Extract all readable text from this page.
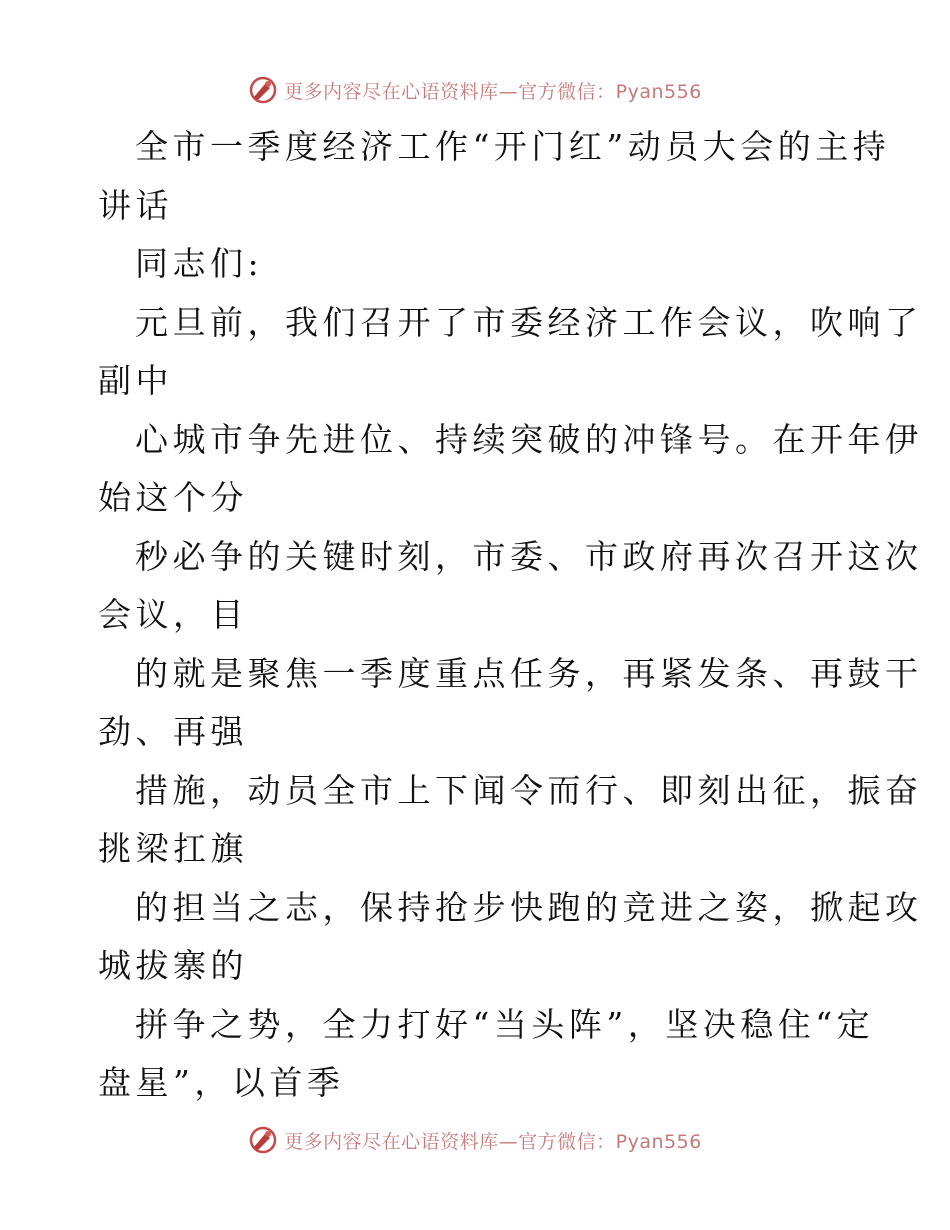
更多内容尽在心语资料库—官方微信：Pyan556
全市一季度经济工作“开门红”动员大会的主持
讲话
同志们:
元旦前，我们召开了市委经济工作会议，吹响了
副中
心城市争先进位、持续突破的冲锋号。在开年伊
始这个分
秒必争的关键时刻，市委、市政府再次召开这次
会议，目
的就是聚焦一季度重点任务，再紧发条、再鼓干
劲、再强
措施，动员全市上下闻令而行、即刻出征，振奋
挑梁扛旗
的担当之志，保持抢步快跑的竞进之姿，掀起攻
城拔寨的
拼争之势，全力打好“当头阵”，坚决稳住“定
盘星”，以首季
更多内容尽在心语资料库—官方微信：Pyan556
